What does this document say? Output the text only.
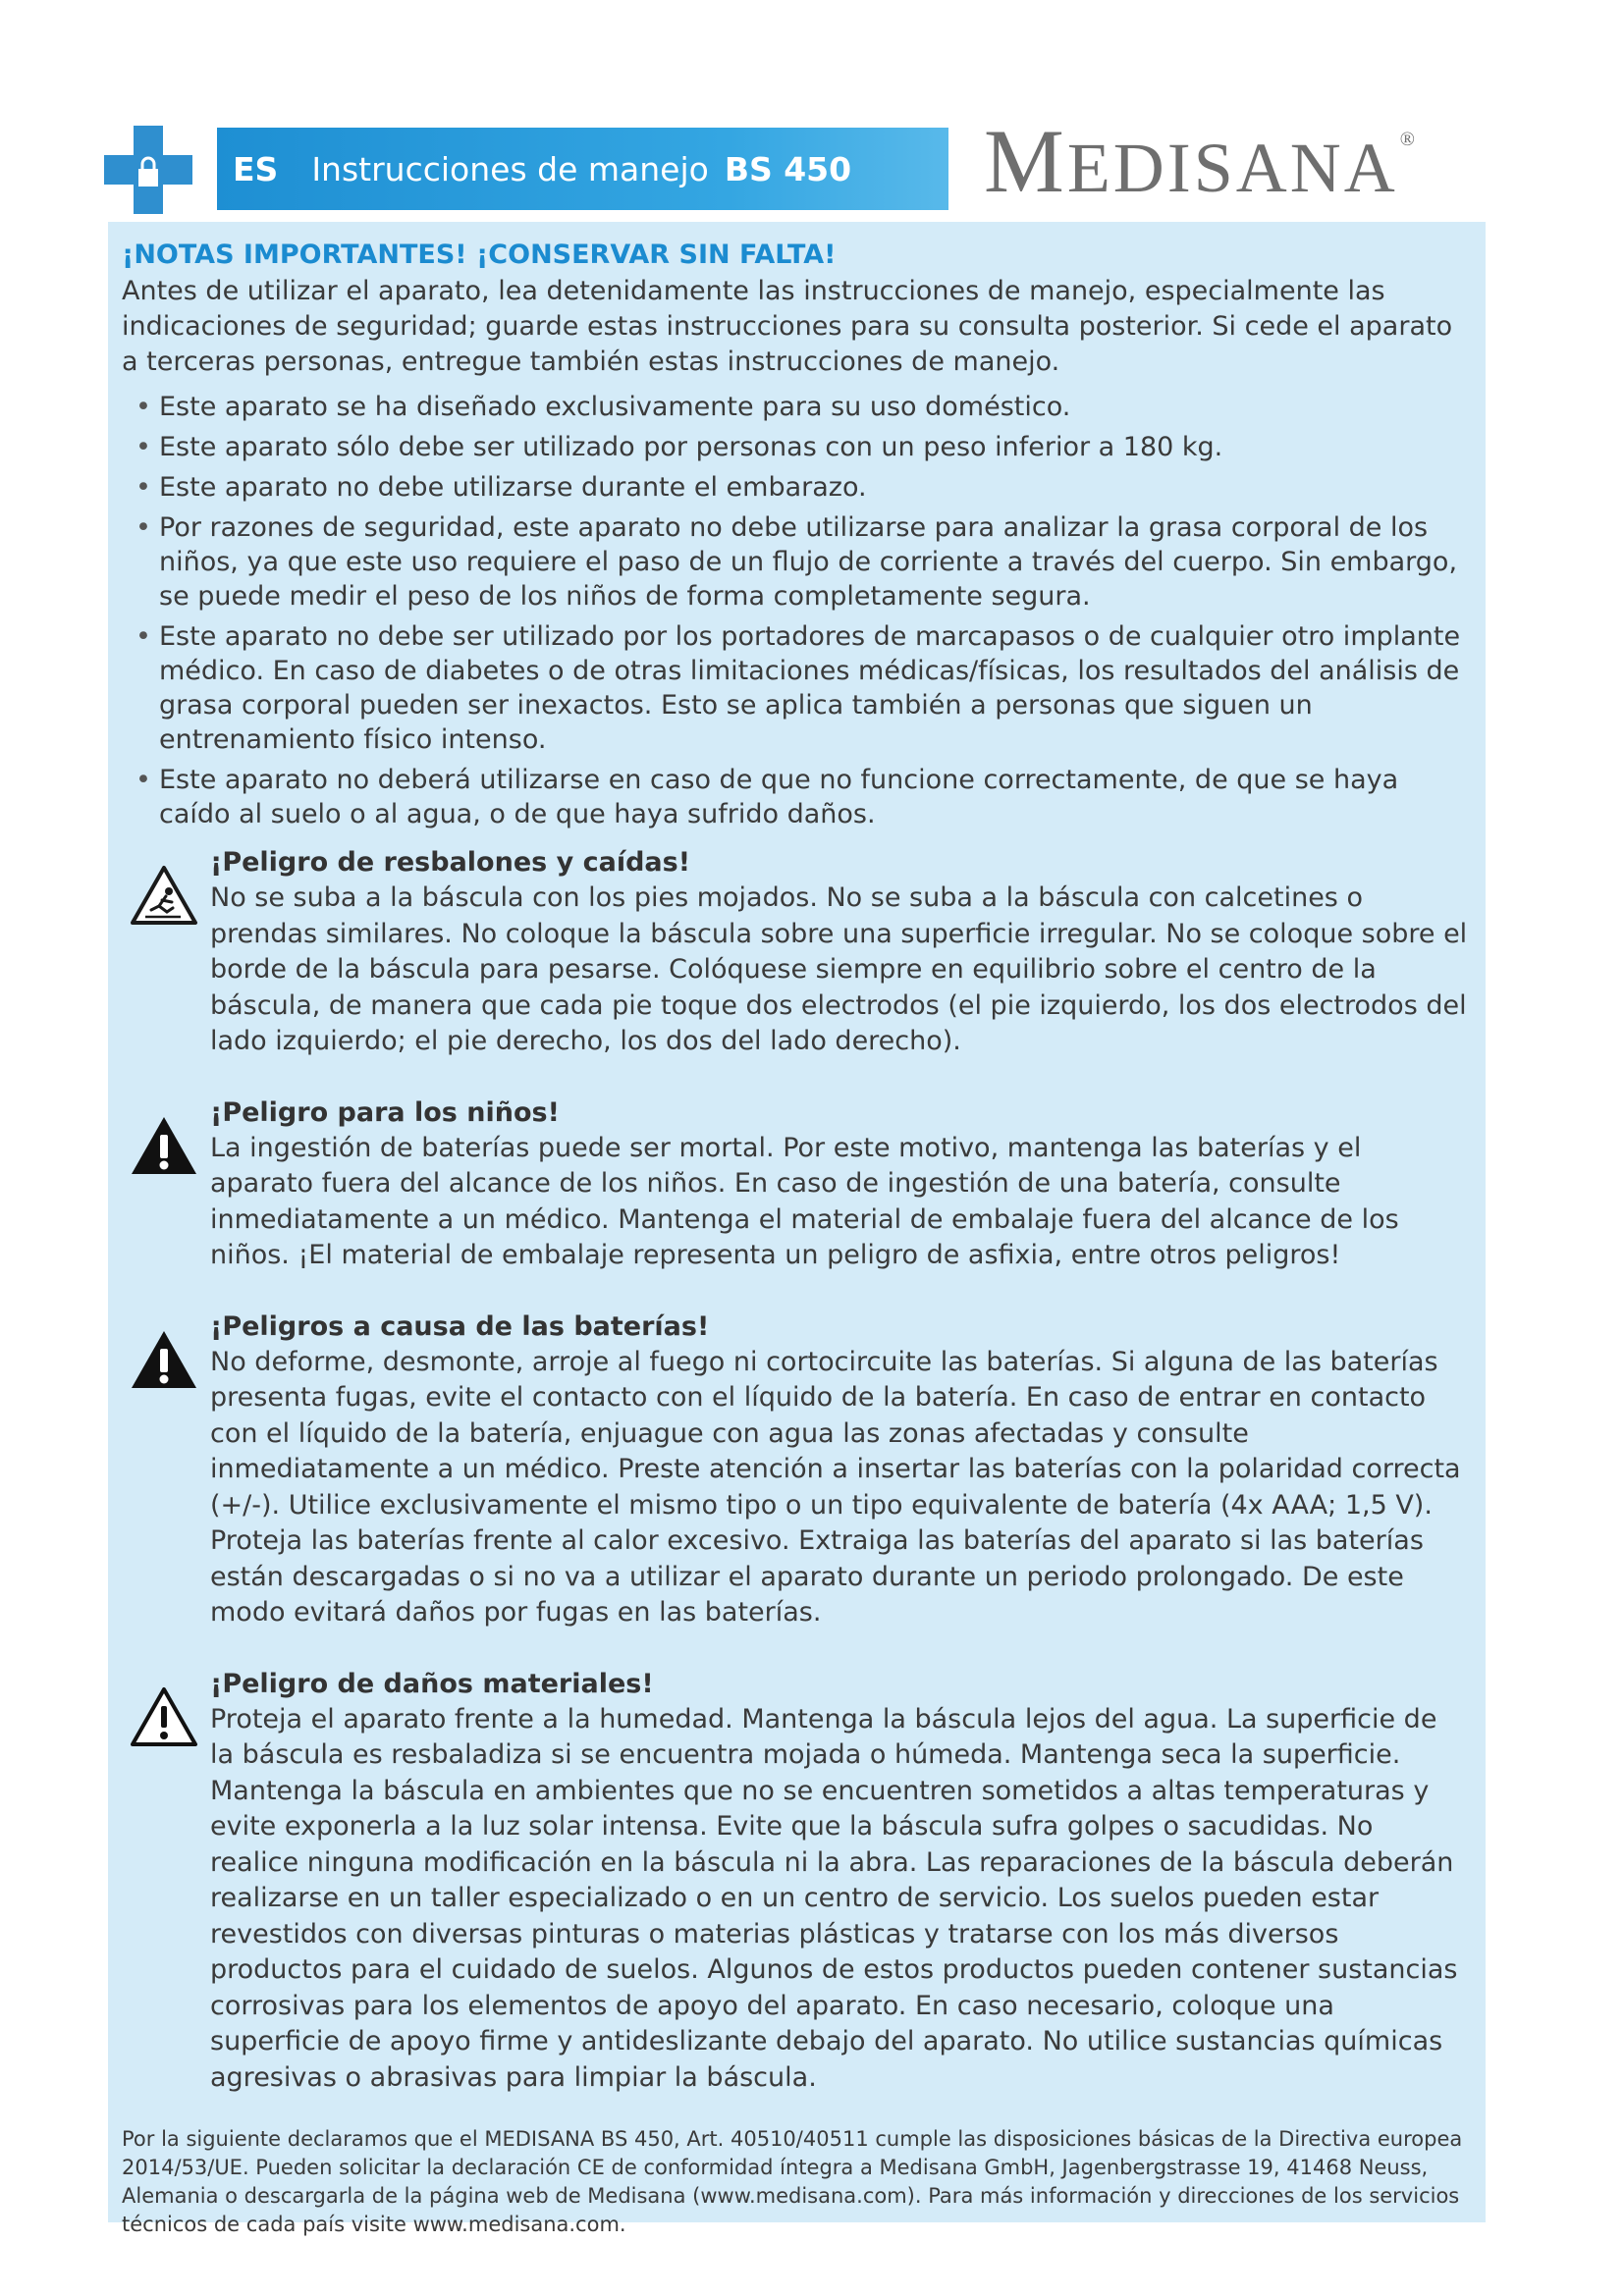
ES Instrucciones de manejo BS 450 MEDISANA ®
¡NOTAS IMPORTANTES! ¡CONSERVAR SIN FALTA!

Antes de utilizar el aparato, lea detenidamente las instrucciones de manejo, especialmente las indicaciones de seguridad; guarde estas instrucciones para su consulta posterior. Si cede el aparato a terceras personas, entregue también estas instrucciones de manejo.

• Este aparato se ha diseñado exclusivamente para su uso doméstico.
• Este aparato sólo debe ser utilizado por personas con un peso inferior a 180 kg.
• Este aparato no debe utilizarse durante el embarazo.
• Por razones de seguridad, este aparato no debe utilizarse para analizar la grasa corporal de los niños, ya que este uso requiere el paso de un flujo de corriente a través del cuerpo. Sin embargo, se puede medir el peso de los niños de forma completamente segura.
• Este aparato no debe ser utilizado por los portadores de marcapasos o de cualquier otro implante médico. En caso de diabetes o de otras limitaciones médicas/físicas, los resultados del análisis de grasa corporal pueden ser inexactos. Esto se aplica también a personas que siguen un entrenamiento físico intenso.
• Este aparato no deberá utilizarse en caso de que no funcione correctamente, de que se haya caído al suelo o al agua, o de que haya sufrido daños.
¡Peligro de resbalones y caídas!

No se suba a la báscula con los pies mojados. No se suba a la báscula con calcetines o prendas similares. No coloque la báscula sobre una superficie irregular. No se coloque sobre el borde de la báscula para pesarse. Colóquese siempre en equilibrio sobre el centro de la báscula, de manera que cada pie toque dos electrodos (el pie izquierdo, los dos electrodos del lado izquierdo; el pie derecho, los dos del lado derecho).

¡Peligro para los niños!

La ingestión de baterías puede ser mortal. Por este motivo, mantenga las baterías y el aparato fuera del alcance de los niños. En caso de ingestión de una batería, consulte inmediatamente a un médico. Mantenga el material de embalaje fuera del alcance de los niños. ¡El material de embalaje representa un peligro de asfixia, entre otros peligros!

¡Peligros a causa de las baterías!

No deforme, desmonte, arroje al fuego ni cortocircuite las baterías. Si alguna de las baterías presenta fugas, evite el contacto con el líquido de la batería. En caso de entrar en contacto con el líquido de la batería, enjuague con agua las zonas afectadas y consulte inmediatamente a un médico. Preste atención a insertar las baterías con la polaridad correcta (+/-). Utilice exclusivamente el mismo tipo o un tipo equivalente de batería (4x AAA; 1,5 V). Proteja las baterías frente al calor excesivo. Extraiga las baterías del aparato si las baterías están descargadas o si no va a utilizar el aparato durante un periodo prolongado. De este modo evitará daños por fugas en las baterías.

¡Peligro de daños materiales!

Proteja el aparato frente a la humedad. Mantenga la báscula lejos del agua. La superficie de la báscula es resbaladiza si se encuentra mojada o húmeda. Mantenga seca la superficie. Mantenga la báscula en ambientes que no se encuentren sometidos a altas temperaturas y evite exponerla a la luz solar intensa. Evite que la báscula sufra golpes o sacudidas. No realice ninguna modificación en la báscula ni la abra. Las reparaciones de la báscula deberán realizarse en un taller especializado o en un centro de servicio. Los suelos pueden estar revestidos con diversas pinturas o materias plásticas y tratarse con los más diversos productos para el cuidado de suelos. Algunos de estos productos pueden contener sustancias corrosivas para los elementos de apoyo del aparato. En caso necesario, coloque una superficie de apoyo firme y antideslizante debajo del aparato. No utilice sustancias químicas agresivas o abrasivas para limpiar la báscula.

Por la siguiente declaramos que el MEDISANA BS 450, Art. 40510/40511 cumple las disposiciones básicas de la Directiva europea 2014/53/UE. Pueden solicitar la declaración CE de conformidad íntegra a Medisana GmbH, Jagenbergstrasse 19, 41468 Neuss, Alemania o descargarla de la página web de Medisana (www.medisana.com). Para más información y direcciones de los servicios técnicos de cada país visite www.medisana.com.
